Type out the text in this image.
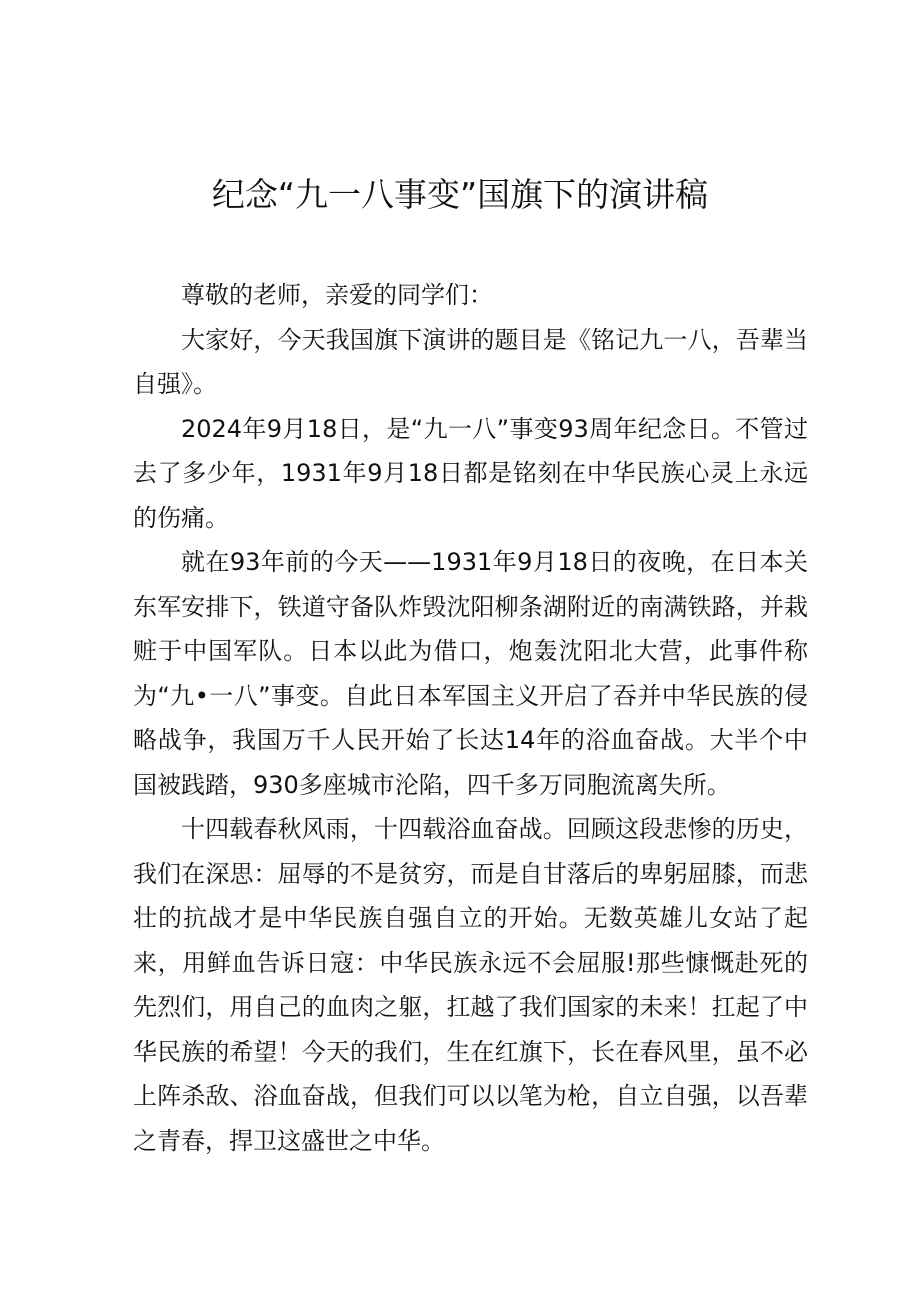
纪念“九一八事变”国旗下的演讲稿

尊敬的老师，亲爱的同学们：

大家好，今天我国旗下演讲的题目是《铭记九一八，吾辈当自强》。

2024年9月18日，是“九一八”事变93周年纪念日。不管过去了多少年，1931年9月18日都是铭刻在中华民族心灵上永远的伤痛。

就在93年前的今天——1931年9月18日的夜晚，在日本关东军安排下，铁道守备队炸毁沈阳柳条湖附近的南满铁路，并栽赃于中国军队。日本以此为借口，炮轰沈阳北大营，此事件称为“九•一八”事变。自此日本军国主义开启了吞并中华民族的侵略战争，我国万千人民开始了长达14年的浴血奋战。大半个中国被践踏，930多座城市沦陷，四千多万同胞流离失所。

十四载春秋风雨，十四载浴血奋战。回顾这段悲惨的历史，我们在深思：屈辱的不是贫穷，而是自甘落后的卑躬屈膝，而悲壮的抗战才是中华民族自强自立的开始。无数英雄儿女站了起来，用鲜血告诉日寇：中华民族永远不会屈服!那些慷慨赴死的先烈们，用自己的血肉之躯，扛越了我们国家的未来！扛起了中华民族的希望！今天的我们，生在红旗下，长在春风里，虽不必上阵杀敌、浴血奋战，但我们可以以笔为枪，自立自强，以吾辈之青春，捍卫这盛世之中华。
